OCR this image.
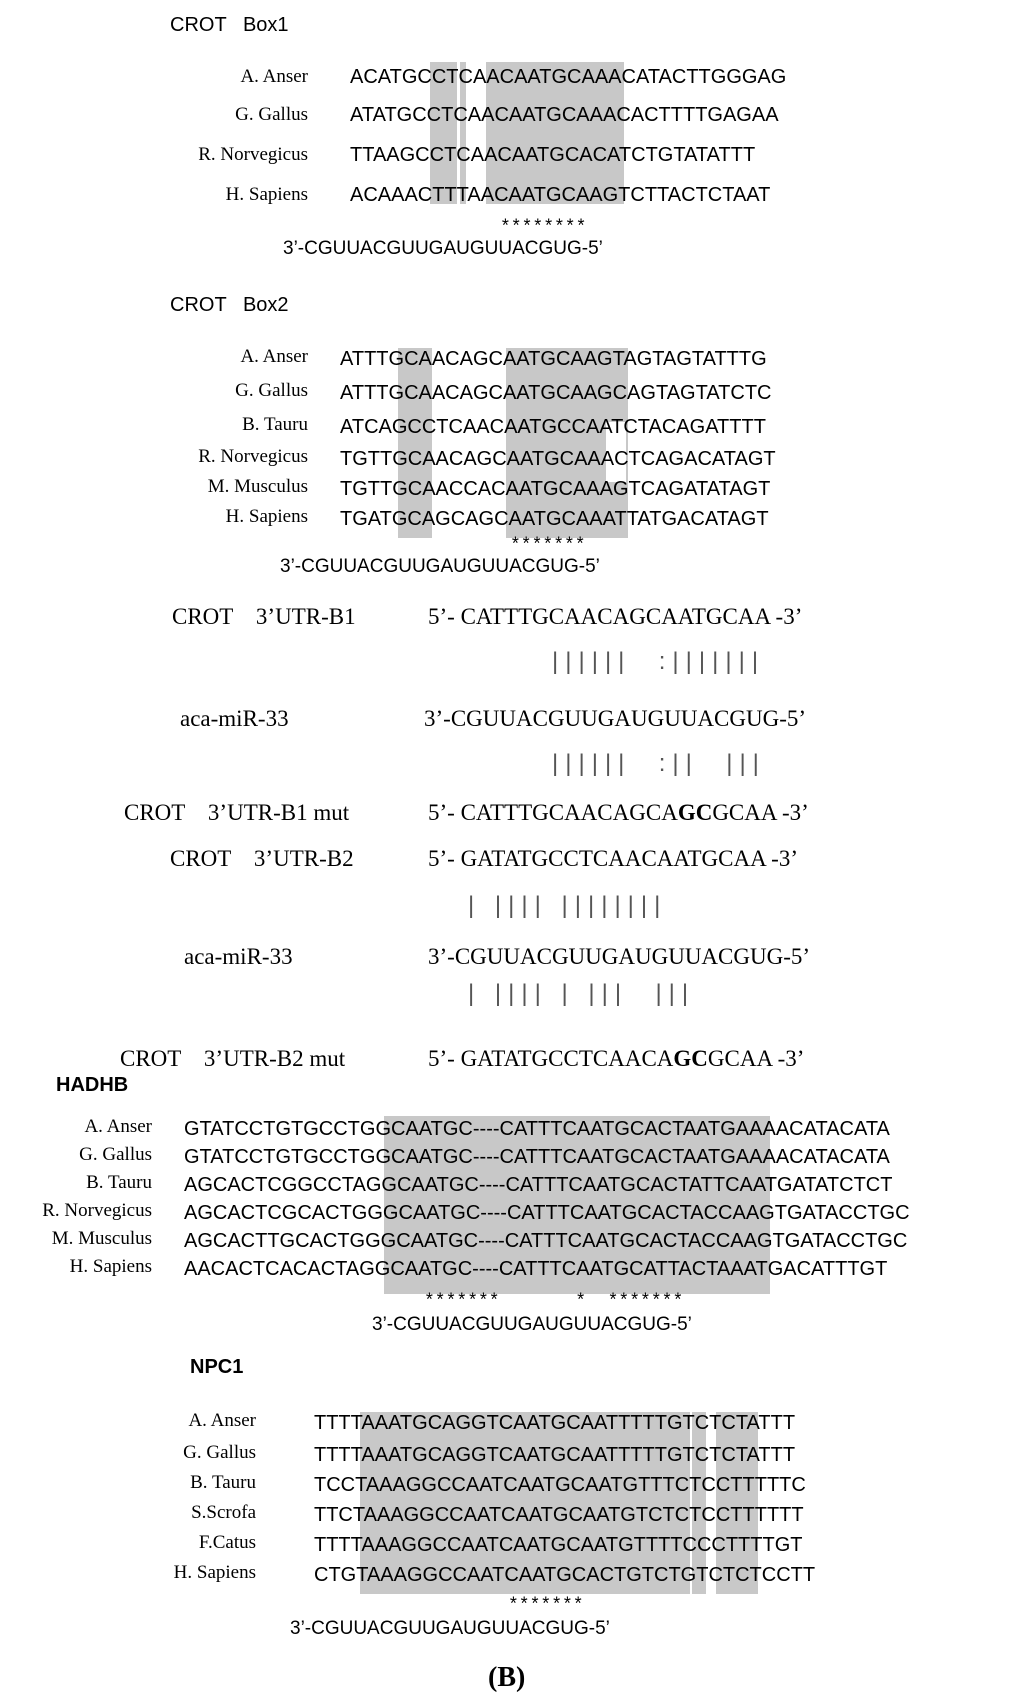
CROT   Box1
A. Anser ACATGCCTCAACAATGCAAACATACTTGGGAG
G. Gallus ATATGCCTCAACAATGCAAACACTTTTGAGAA
R. Norvegicus TTAAGCCTCAACAATGCACATCTGTATATTT
H. Sapiens ACAAACTTTAACAATGCAAGTCTTACTCTAAT
********
3’-CGUUACGUUGAUGUUACGUG-5’
CROT   Box2
A. Anser ATTTGCAACAGCAATGCAAGTAGTAGTATTTG
G. Gallus ATTTGCAACAGCAATGCAAGCAGTAGTATCTC
B. Tauru ATCAGCCTCAACAATGCCAATCTACAGATTTT
R. Norvegicus TGTTGCAACAGCAATGCAAACTCAGACATAGT
M. Musculus TGTTGCAACCACAATGCAAAGTCAGATATAGT
H. Sapiens TGATGCAGCAGCAATGCAAATTATGACATAGT
*******
3’-CGUUACGUUGAUGUUACGUG-5’
CROT    3’UTR-B1	5’- CATTTGCAACAGCAATGCAA -3’
||||||  :|||||||
aca-miR-33	3’-CGUUACGUUGAUGUUACGUG-5’
||||||  :||  |||
CROT    3’UTR-B1 mut	5’- CATTTGCAACAGCAGCGCAA -3’
CROT    3’UTR-B2	5’- GATATGCCTCAACAATGCAA -3’
| |||| ||||||||
aca-miR-33	3’-CGUUACGUUGAUGUUACGUG-5’
| |||| | |||  |||
CROT    3’UTR-B2 mut	5’- GATATGCCTCAACAGCGCAA -3’
HADHB
A. Anser GTATCCTGTGCCTGGCAATGC----CATTTCAATGCACTAATGAAAACATACATA
G. Gallus GTATCCTGTGCCTGGCAATGC----CATTTCAATGCACTAATGAAAACATACATA
B. Tauru AGCACTCGGCCTAGGCAATGC----CATTTCAATGCACTATTCAATGATATCTCT
R. Norvegicus AGCACTCGCACTGGGCAATGC----CATTTCAATGCACTACCAAGTGATACCTGC
M. Musculus AGCACTTGCACTGGGCAATGC----CATTTCAATGCACTACCAAGTGATACCTGC
H. Sapiens AACACTCACACTAGGCAATGC----CATTTCAATGCATTACTAAATGACATTTGT
*******       *  *******
3’-CGUUACGUUGAUGUUACGUG-5’
NPC1
A. Anser	TTTTAAATGCAGGTCAATGCAATTTTTGTCTCTATTT
G. Gallus	TTTTAAATGCAGGTCAATGCAATTTTTGTCTCTATTT
B. Tauru	TCCTAAAGGCCAATCAATGCAATGTTTCTCCTTTTTC
S.Scrofa	TTCTAAAGGCCAATCAATGCAATGTCTCTCCTTTTTT
F.Catus	TTTTAAAGGCCAATCAATGCAATGTTTTCCCTTTTGT
H. Sapiens	CTGTAAAGGCCAATCAATGCACTGTCTGTCTCTCCTT
*******
3’-CGUUACGUUGAUGUUACGUG-5’
(B)
